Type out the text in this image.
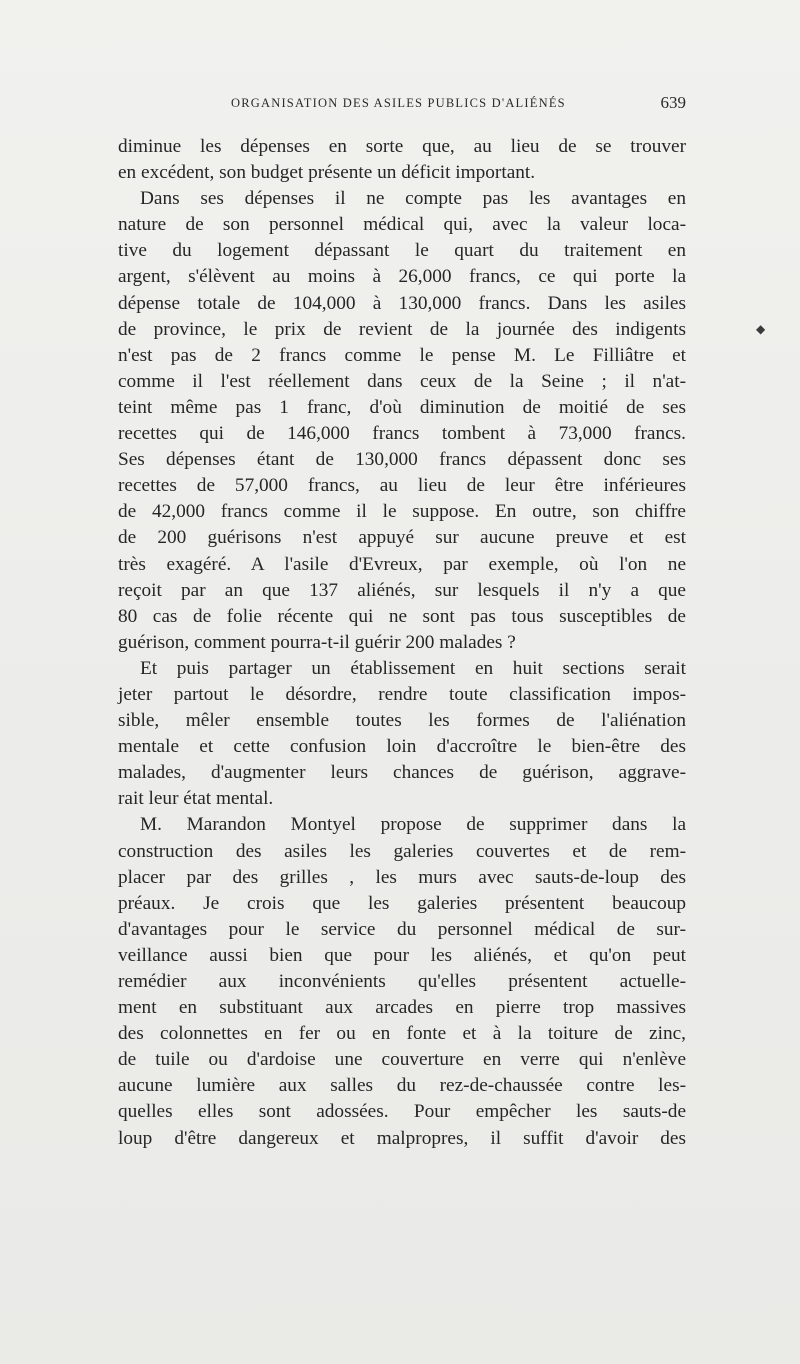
ORGANISATION DES ASILES PUBLICS D'ALIÉNÉS	639
◆
diminue les dépenses en sorte que, au lieu de se trouver
en excédent, son budget présente un déficit important.
Dans ses dépenses il ne compte pas les avantages en
nature de son personnel médical qui, avec la valeur loca-
tive du logement dépassant le quart du traitement en
argent, s'élèvent au moins à 26,000 francs, ce qui porte la
dépense totale de 104,000 à 130,000 francs. Dans les asiles
de province, le prix de revient de la journée des indigents
n'est pas de 2 francs comme le pense M. Le Filliâtre et
comme il l'est réellement dans ceux de la Seine ; il n'at-
teint même pas 1 franc, d'où diminution de moitié de ses
recettes qui de 146,000 francs tombent à 73,000 francs.
Ses dépenses étant de 130,000 francs dépassent donc ses
recettes de 57,000 francs, au lieu de leur être inférieures
de 42,000 francs comme il le suppose. En outre, son chiffre
de 200 guérisons n'est appuyé sur aucune preuve et est
très exagéré. A l'asile d'Evreux, par exemple, où l'on ne
reçoit par an que 137 aliénés, sur lesquels il n'y a que
80 cas de folie récente qui ne sont pas tous susceptibles de
guérison, comment pourra-t-il guérir 200 malades ?
Et puis partager un établissement en huit sections serait
jeter partout le désordre, rendre toute classification impos-
sible, mêler ensemble toutes les formes de l'aliénation
mentale et cette confusion loin d'accroître le bien-être des
malades, d'augmenter leurs chances de guérison, aggrave-
rait leur état mental.
M. Marandon Montyel propose de supprimer dans la
construction des asiles les galeries couvertes et de rem-
placer par des grilles , les murs avec sauts-de-loup des
préaux. Je crois que les galeries présentent beaucoup
d'avantages pour le service du personnel médical de sur-
veillance aussi bien que pour les aliénés, et qu'on peut
remédier aux inconvénients qu'elles présentent actuelle-
ment en substituant aux arcades en pierre trop massives
des colonnettes en fer ou en fonte et à la toiture de zinc,
de tuile ou d'ardoise une couverture en verre qui n'enlève
aucune lumière aux salles du rez-de-chaussée contre les-
quelles elles sont adossées. Pour empêcher les sauts-de
loup d'être dangereux et malpropres, il suffit d'avoir des
